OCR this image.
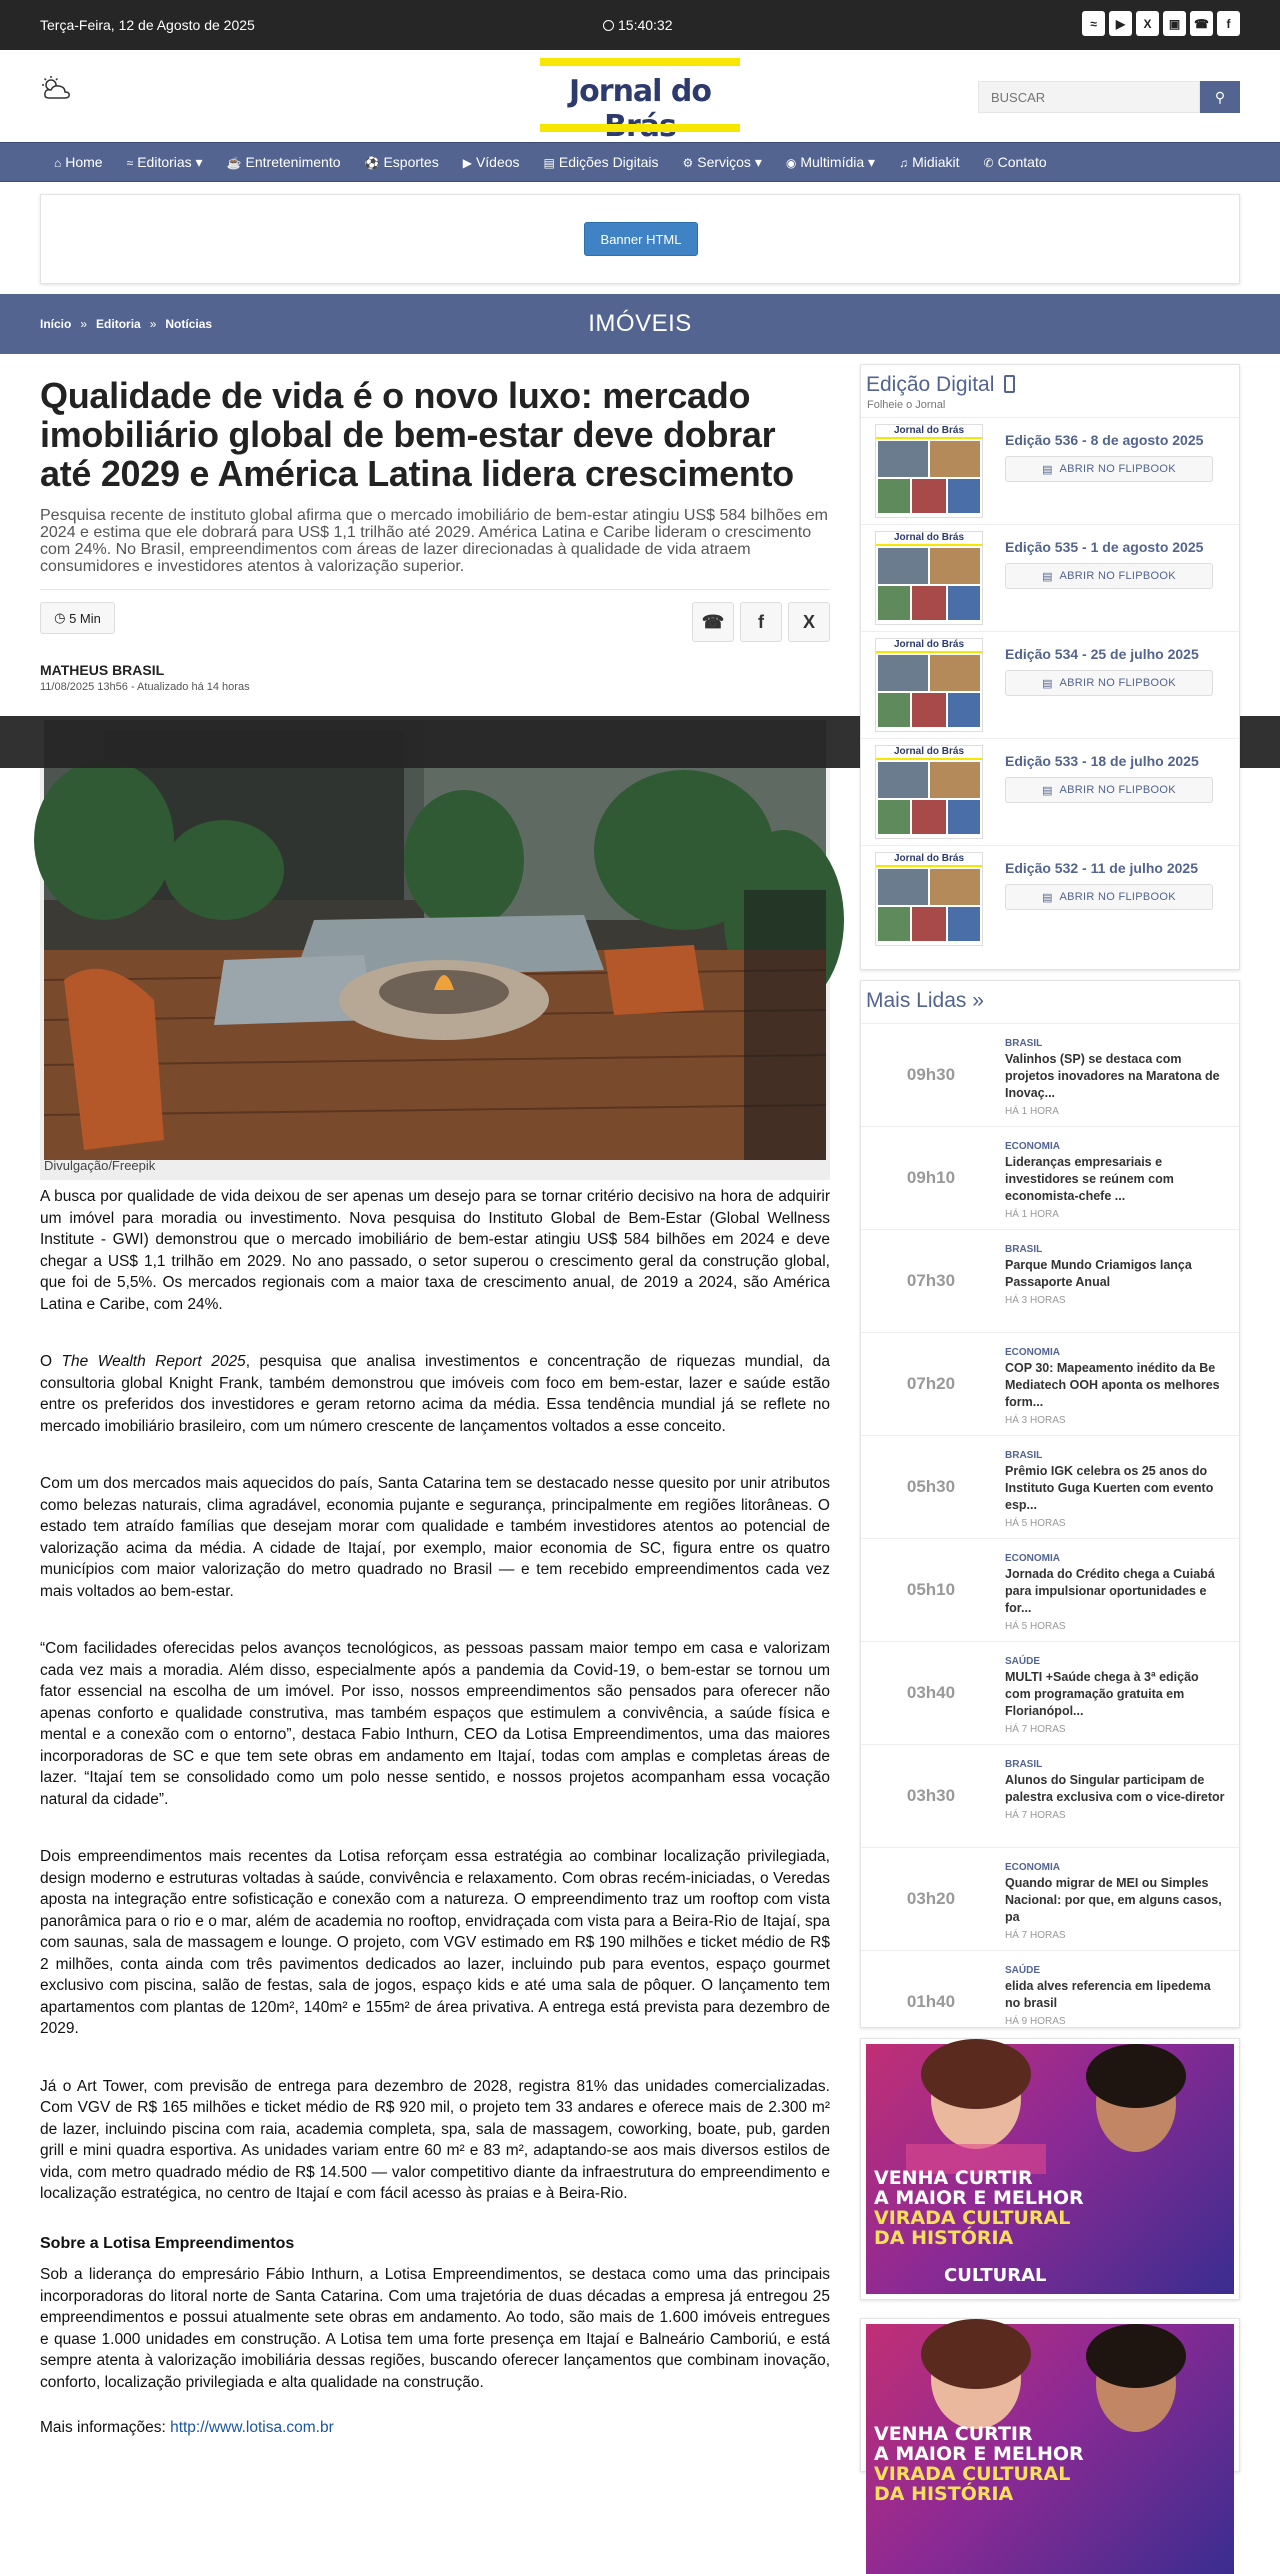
Terça-Feira, 12 de Agosto de 2025	15:40:32	≈	▶	X	▣	☎	f
Jornal do
BUSCAR	⚲
⌂ Home ≈ Editorias ▾ ☕ Entretenimento ⚽ Esportes ▶ Vídeos ▤ Edições Digitais ⚙ Serviços ▾ ◉ Multimídia ▾ ♫ Midiakit ✆ Contato
Banner HTML
Início » Editoria » Notícias	IMÓVEIS
Qualidade de vida é o novo luxo: mercado imobiliário global de bem-estar deve dobrar até 2029 e América Latina lidera crescimento
Pesquisa recente de instituto global afirma que o mercado imobiliário de bem-estar atingiu US$ 584 bilhões em 2024 e estima que ele dobrará para US$ 1,1 trilhão até 2029. América Latina e Caribe lideram o crescimento com 24%. No Brasil, empreendimentos com áreas de lazer direcionadas à qualidade de vida atraem consumidores e investidores atentos à valorização superior.
◷ 5 Min	☎	f	X
MATHEUS BRASIL
11/08/2025 13h56 - Atualizado há 14 horas
Divulgação/Freepik

A busca por qualidade de vida deixou de ser apenas um desejo para se tornar critério decisivo na hora de adquirir um imóvel para moradia ou investimento. Nova pesquisa do Instituto Global de Bem-Estar (Global Wellness Institute - GWI) demonstrou que o mercado imobiliário de bem-estar atingiu US$ 584 bilhões em 2024 e deve chegar a US$ 1,1 trilhão em 2029. No ano passado, o setor superou o crescimento geral da construção global, que foi de 5,5%. Os mercados regionais com a maior taxa de crescimento anual, de 2019 a 2024, são América Latina e Caribe, com 24%.

O The Wealth Report 2025, pesquisa que analisa investimentos e concentração de riquezas mundial, da consultoria global Knight Frank, também demonstrou que imóveis com foco em bem-estar, lazer e saúde estão entre os preferidos dos investidores e geram retorno acima da média. Essa tendência mundial já se reflete no mercado imobiliário brasileiro, com um número crescente de lançamentos voltados a esse conceito.

Com um dos mercados mais aquecidos do país, Santa Catarina tem se destacado nesse quesito por unir atributos como belezas naturais, clima agradável, economia pujante e segurança, principalmente em regiões litorâneas. O estado tem atraído famílias que desejam morar com qualidade e também investidores atentos ao potencial de valorização acima da média. A cidade de Itajaí, por exemplo, maior economia de SC, figura entre os quatro municípios com maior valorização do metro quadrado no Brasil — e tem recebido empreendimentos cada vez mais voltados ao bem-estar.

“Com facilidades oferecidas pelos avanços tecnológicos, as pessoas passam maior tempo em casa e valorizam cada vez mais a moradia. Além disso, especialmente após a pandemia da Covid-19, o bem-estar se tornou um fator essencial na escolha de um imóvel. Por isso, nossos empreendimentos são pensados para oferecer não apenas conforto e qualidade construtiva, mas também espaços que estimulem a convivência, a saúde física e mental e a conexão com o entorno”, destaca Fabio Inthurn, CEO da Lotisa Empreendimentos, uma das maiores incorporadoras de SC e que tem sete obras em andamento em Itajaí, todas com amplas e completas áreas de lazer. “Itajaí tem se consolidado como um polo nesse sentido, e nossos projetos acompanham essa vocação natural da cidade”.

Dois empreendimentos mais recentes da Lotisa reforçam essa estratégia ao combinar localização privilegiada, design moderno e estruturas voltadas à saúde, convivência e relaxamento. Com obras recém-iniciadas, o Veredas aposta na integração entre sofisticação e conexão com a natureza. O empreendimento traz um rooftop com vista panorâmica para o rio e o mar, além de academia no rooftop, envidraçada com vista para a Beira-Rio de Itajaí, spa com saunas, sala de massagem e lounge. O projeto, com VGV estimado em R$ 190 milhões e ticket médio de R$ 2 milhões, conta ainda com três pavimentos dedicados ao lazer, incluindo pub para eventos, espaço gourmet exclusivo com piscina, salão de festas, sala de jogos, espaço kids e até uma sala de pôquer. O lançamento tem apartamentos com plantas de 120m², 140m² e 155m² de área privativa. A entrega está prevista para dezembro de 2029.

Já o Art Tower, com previsão de entrega para dezembro de 2028, registra 81% das unidades comercializadas. Com VGV de R$ 165 milhões e ticket médio de R$ 920 mil, o projeto tem 33 andares e oferece mais de 2.300 m² de lazer, incluindo piscina com raia, academia completa, spa, sala de massagem, coworking, boate, pub, garden grill e mini quadra esportiva. As unidades variam entre 60 m² e 83 m², adaptando-se aos mais diversos estilos de vida, com metro quadrado médio de R$ 14.500 — valor competitivo diante da infraestrutura do empreendimento e localização estratégica, no centro de Itajaí e com fácil acesso às praias e à Beira-Rio.

Sobre a Lotisa Empreendimentos

Sob a liderança do empresário Fábio Inthurn, a Lotisa Empreendimentos, se destaca como uma das principais incorporadoras do litoral norte de Santa Catarina. Com uma trajetória de duas décadas a empresa já entregou 25 empreendimentos e possui atualmente sete obras em andamento. Ao todo, são mais de 1.600 imóveis entregues e quase 1.000 unidades em construção. A Lotisa tem uma forte presença em Itajaí e Balneário Camboriú, e está sempre atenta à valorização imobiliária dessas regiões, buscando oferecer lançamentos que combinam inovação, conforto, localização privilegiada e alta qualidade na construção.

Mais informações: http://www.lotisa.com.br

Edição Digital
Folheie o Jornal
Jornal do Brás
Edição 536 - 8 de agosto 2025
▤ ABRIR NO FLIPBOOK
Jornal do Brás
Edição 535 - 1 de agosto 2025
▤ ABRIR NO FLIPBOOK
Jornal do Brás
Edição 534 - 25 de julho 2025
▤ ABRIR NO FLIPBOOK
Jornal do Brás
Edição 533 - 18 de julho 2025
▤ ABRIR NO FLIPBOOK
Jornal do Brás
Edição 532 - 11 de julho 2025
▤ ABRIR NO FLIPBOOK
Mais Lidas »
09h30
BRASIL
Valinhos (SP) se destaca com projetos inovadores na Maratona de Inovaç...
HÁ 1 HORA
09h10
ECONOMIA
Lideranças empresariais e investidores se reúnem com economista-chefe ...
HÁ 1 HORA
07h30
BRASIL
Parque Mundo Criamigos lança Passaporte Anual
HÁ 3 HORAS
07h20
ECONOMIA
COP 30: Mapeamento inédito da Be Mediatech OOH aponta os melhores form...
HÁ 3 HORAS
05h30
BRASIL
Prêmio IGK celebra os 25 anos do Instituto Guga Kuerten com evento esp...
HÁ 5 HORAS
05h10
ECONOMIA
Jornada do Crédito chega a Cuiabá para impulsionar oportunidades e for...
HÁ 5 HORAS
03h40
SAÚDE
MULTI +Saúde chega à 3ª edição com programação gratuita em Florianópol...
HÁ 7 HORAS
03h30
BRASIL
Alunos do Singular participam de palestra exclusiva com o vice-diretor
HÁ 7 HORAS
03h20
ECONOMIA
Quando migrar de MEI ou Simples Nacional: por que, em alguns casos, pa
HÁ 7 HORAS
01h40
SAÚDE
elida alves referencia em lipedema no brasil
HÁ 9 HORAS
VENHA CURTIR
A MAIOR E MELHOR
VIRADA CULTURAL
DA HISTÓRIA
CULTURAL
VENHA CURTIR
A MAIOR E MELHOR
VIRADA CULTURAL
DA HISTÓRIA
